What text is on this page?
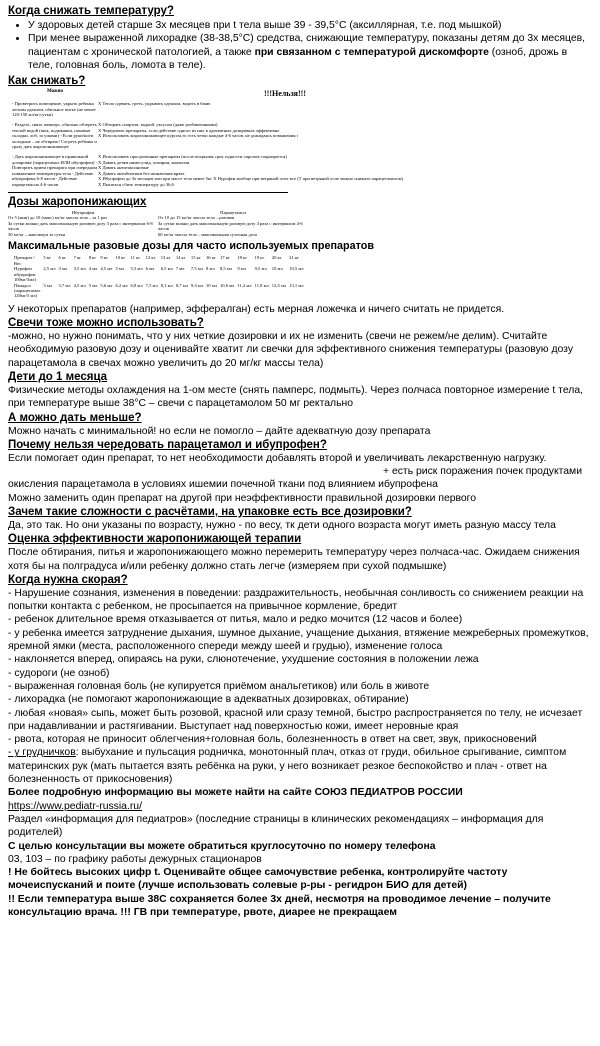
Когда снижать температуру?

• У здоровых детей старше 3х месяцев при t тела выше 39 - 39,5°С (аксиллярная, т.е. под мышкой)
• При менее выраженной лихорадке (38-38,5°С) средства, снижающие температуру, показаны детям до 3х месяцев, пациентам с хронической патологией, а также при связанном с температурой дискомфорте (озноб, дрожь в теле, головная боль, ломота в теле).

Как снижать?

Можно	!!!Нельзя!!!
- Проветрить помещение, укрыть ребенка легким одеялом, обильное питье (не менее 120-150 мл/кг/сутки)
X Тепло одевать, греть, укрывать одеялом, водить в баню
- Раздеть, снять памперс, обильно обтереть теплой водой (шея, подмышки, паховые складки, лоб, за ушами) - Если руки/ноги холодные – не обтирать! Согреть ребенка и сразу дать жаропонижающее
X Обтирать спиртом, водкой, уксусом (даже разбавленными)
X Чередовать препараты, если действие одного из них в адекватных дозировках эффективно
X Использовать жаропонижающее курсом,то есть четко каждые 4-6 часов, не дожидаясь повышения t
- Дать жаропонижающее в правильной дозировке (парацетамол ИЛИ ибупрофен) - Повторить прием препарата при очередном повышении температуры тела - Действие ибупрофена 6-8 часов - Действие парацетамола 4-6 часов
X Использовать просроченные препараты (после вскрытия срок годности сиропов сокращается)
X Давать детям нимесулид, аспирин, анальгин
X Давать антитоксиновые
X Давать антибиотики без назначения врача
X Ибупрофен до 3х месяцев или при массе тела менее 5кг X Нурофен вообще при ветряной оспе все (Т при ветряной оспе можно снижать парацетамолом)
X Пытаться сбить температуру до 36,6

Дозы жаропонижающих

Ибупрофен
От 5 (мин) до 10 (макс) мг/кг массы тела – за 1 раз
За сутки можно дать максимальную разовую дозу 3 раза с интервалом 6-8 часов
30 мг/кг – максимум за сутки
Парацетамол
От 10 до 15 мг/кг массы тела – разовая
За сутки можно дать максимальную разовую дозу 4 раза с интервалом 4-6 часов
60 мг/кг массы тела – максимальная суточная доза

Максимальные разовые дозы для часто используемых препаратов

Препарат / Вес	5 кг	6 кг	7 кг	8 кг	9 кг	10 кг	11 кг	12 кг	13 кг	14 кг	15 кг	16 кг	17 кг	18 кг	19 кг	20 кг	21 кг
Нурофен ибупрофен 100мг/5мл)	2,5 мл	3 мл	3,5 мл	4 мл	4,5 мл	5 мл	5,5 мл	6 мл	6,5 мл	7 мл	7,5 мл	8 мл	8,5 мл	9 мл	9,5 мл	10 мл	10,5 мл
Панадол (парацетамол 120мг/5 мл)	3 мл	3,7 мл	4,5 мл	5 мл	5,6 мл	6,2 мл	6,8 мл	7,5 мл	8,1 мл	8,7 мл	9,3 мл	10 мл	10,6 мл	11,2 мл	11,8 мл	12,5 мл	13,1 мл

У некоторых препаратов (например, эффералган) есть мерная ложечка и ничего считать не придется.

Свечи тоже можно использовать?

-можно, но нужно понимать, что у них четкие дозировки и их не изменить (свечи не режем/не делим). Считайте необходимую разовую дозу и оценивайте хватит ли свечки для эффективного снижения температуры (разовую дозу парацетамола в свечах можно увеличить до 20 мг/кг массы тела)

Дети до 1 месяца

Физические методы охлаждения на 1-ом месте (снять памперс, подмыть). Через полчаса повторное измерение t тела, при температуре выше 38°С – свечи с парацетамолом 50 мг ректально

А можно дать меньше?

Можно начать с минимальной! но если не помогло – дайте адекватную дозу препарата

Почему нельзя чередовать парацетамол и ибупрофен?

Если помогает один препарат, то нет необходимости добавлять второй и увеличивать лекарственную нагрузку.

+ есть риск поражения почек продуктами

окисления парацетамола в условиях ишемии почечной ткани под влиянием ибупрофена

Можно заменить один препарат на другой при неэффективности правильной дозировки первого

Зачем такие сложности с расчётами, на упаковке есть все дозировки?

Да, это так. Но они указаны по возрасту, нужно - по весу, тк дети одного возраста могут иметь разную массу тела

Оценка эффективности жаропонижающей терапии

После обтирания, питья и жаропонижающего можно перемерить температуру через полчаса-час. Ожидаем снижения хотя бы на полградуса и/или ребенку должно стать легче (измеряем при сухой подмышке)

Когда нужна скорая?

- Нарушение сознания, изменения в поведении: раздражительность, необычная сонливость со снижением реакции на попытки контакта с ребенком, не просыпается на привычное кормление, бредит

- ребенок длительное время отказывается от питья, мало и редко мочится (12 часов и более)

- у ребенка имеется затруднение дыхания, шумное дыхание, учащение дыхания, втяжение межреберных промежутков, яремной ямки (места, расположенного спереди между шеей и грудью), изменение голоса

- наклоняется вперед, опираясь на руки, слюнотечение, ухудшение состояния в положении лежа

- судороги (не озноб)

- выраженная головная боль (не купируется приёмом анальгетиков) или боль в животе

- лихорадка (не помогают жаропонижающие в адекватных дозировках, обтирание)

- любая «новая» сыпь, может быть розовой, красной или сразу темной, быстро распространяется по телу, не исчезает при надавливании и растягивании. Выступает над поверхностью кожи, имеет неровные края

- рвота, которая не приносит облегчения+головная боль, болезненность в ответ на свет, звук, прикосновений

- у грудничков: выбухание и пульсация родничка, монотонный плач, отказ от груди, обильное срыгивание, симптом материнских рук (мать пытается взять ребёнка на руки, у него возникает резкое беспокойство и плач - ответ на болезненность от прикосновения)

Более подробную информацию вы можете найти на сайте СОЮЗ ПЕДИАТРОВ РОССИИ

https://www.pediatr-russia.ru/

Раздел «информация для педиатров» (последние страницы в клинических рекомендациях – информация для родителей)

С целью консультации вы можете обратиться круглосуточно по номеру телефона

03, 103 – по графику работы дежурных стационаров

! Не бойтесь высоких цифр t. Оценивайте общее самочувствие ребенка, контролируйте частоту мочеиспусканий и поите (лучше использовать солевые р-ры - регидрон БИО для детей)

!! Если температура выше 38С сохраняется более 3х дней, несмотря на проводимое лечение – получите консультацию врача. !!! ГВ при температуре, рвоте, диарее не прекращаем
